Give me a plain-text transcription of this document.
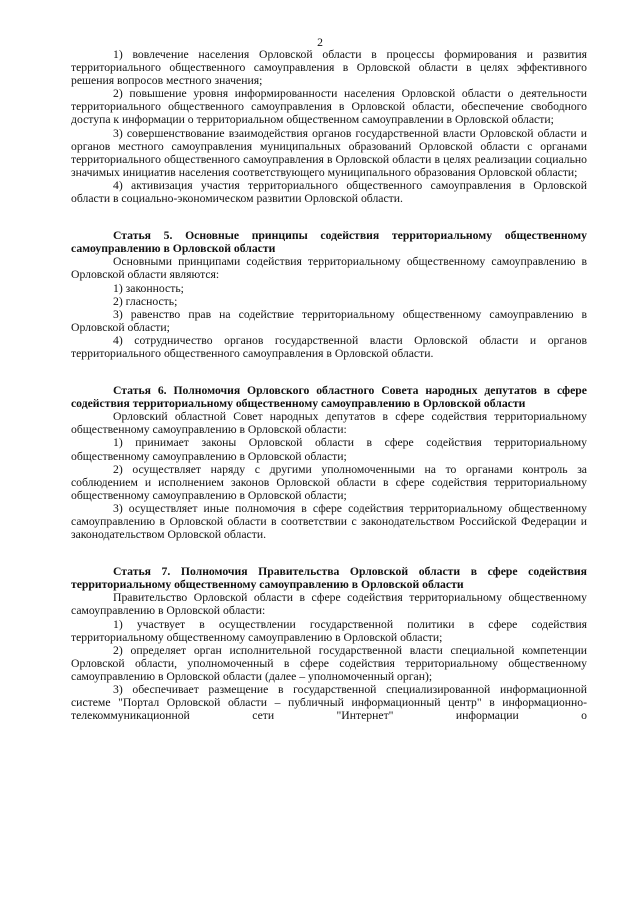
2

1) вовлечение населения Орловской области в процессы формирования и развития территориального общественного самоуправления в Орловской области в целях эффективного решения вопросов местного значения;

2) повышение уровня информированности населения Орловской области о деятельности территориального общественного самоуправления в Орловской области, обеспечение свободного доступа к информации о территориальном общественном самоуправлении в Орловской области;

3) совершенствование взаимодействия органов государственной власти Орловской области и органов местного самоуправления муниципальных образований Орловской области с органами территориального общественного самоуправления в Орловской области в целях реализации социально значимых инициатив населения соответствующего муниципального образования Орловской области;

4) активизация участия территориального общественного самоуправления в Орловской области в социально-экономическом развитии Орловской области.

Статья 5. Основные принципы содействия территориальному общественному самоуправлению в Орловской области

Основными принципами содействия территориальному общественному самоуправлению в Орловской области являются:

1) законность;

2) гласность;

3) равенство прав на содействие территориальному общественному самоуправлению в Орловской области;

4) сотрудничество органов государственной власти Орловской области и органов территориального общественного самоуправления в Орловской области.

Статья 6. Полномочия Орловского областного Совета народных депутатов в сфере содействия территориальному общественному самоуправлению в Орловской области

Орловский областной Совет народных депутатов в сфере содействия территориальному общественному самоуправлению в Орловской области:

1) принимает законы Орловской области в сфере содействия территориальному общественному самоуправлению в Орловской области;

2) осуществляет наряду с другими уполномоченными на то органами контроль за соблюдением и исполнением законов Орловской области в сфере содействия территориальному общественному самоуправлению в Орловской области;

3) осуществляет иные полномочия в сфере содействия территориальному общественному самоуправлению в Орловской области в соответствии с законодательством Российской Федерации и законодательством Орловской области.

Статья 7. Полномочия Правительства Орловской области в сфере содействия территориальному общественному самоуправлению в Орловской области

Правительство Орловской области в сфере содействия территориальному общественному самоуправлению в Орловской области:

1) участвует в осуществлении государственной политики в сфере содействия территориальному общественному самоуправлению в Орловской области;

2) определяет орган исполнительной государственной власти специальной компетенции Орловской области, уполномоченный в сфере содействия территориальному общественному самоуправлению в Орловской области (далее – уполномоченный орган);

3) обеспечивает размещение в государственной специализированной информационной системе "Портал Орловской области – публичный информационный центр" в информационно-телекоммуникационной сети "Интернет" информации о
